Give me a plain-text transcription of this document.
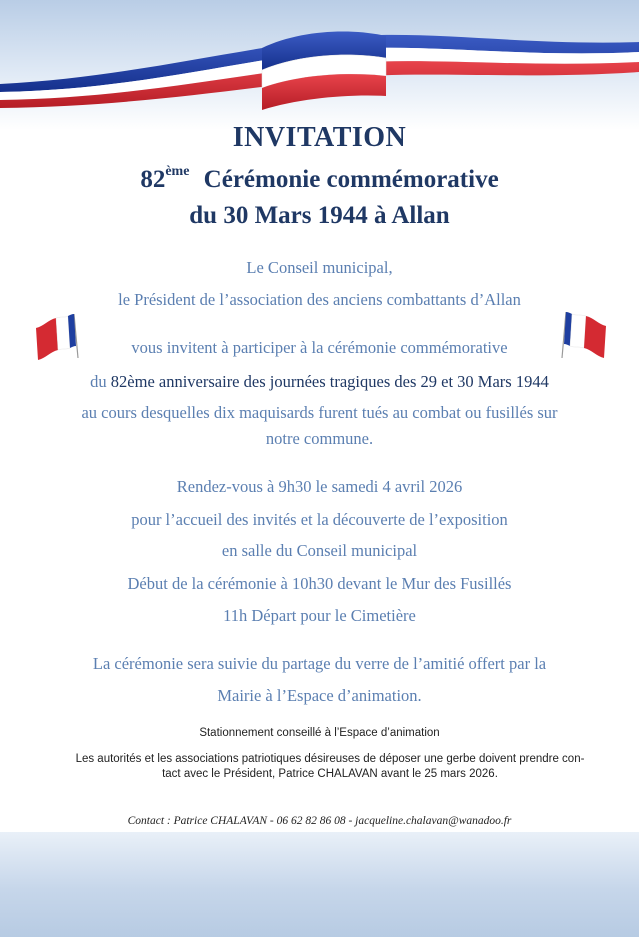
INVITATION
82ème Cérémonie commémorative
du 30 Mars 1944 à Allan
Le Conseil municipal,
le Président de l’association des anciens combattants d’Allan
vous invitent à participer à la cérémonie commémorative
du 82ème anniversaire des journées tragiques des 29 et 30 Mars 1944
au cours desquelles dix maquisards furent tués au combat ou fusillés sur
notre commune.
Rendez-vous à 9h30 le samedi 4 avril 2026
pour l’accueil des invités et la découverte de l’exposition
en salle du Conseil municipal
Début de la cérémonie à 10h30 devant le Mur des Fusillés
11h Départ pour le Cimetière
La cérémonie sera suivie du partage du verre de l’amitié offert par la
Mairie à l’Espace d’animation.
Stationnement conseillé à l’Espace d’animation
Les autorités et les associations patriotiques désireuses de déposer une gerbe doivent prendre con-
tact avec le Président, Patrice CHALAVAN avant le 25 mars 2026.
Contact : Patrice CHALAVAN - 06 62 82 86 08 - jacqueline.chalavan@wanadoo.fr
